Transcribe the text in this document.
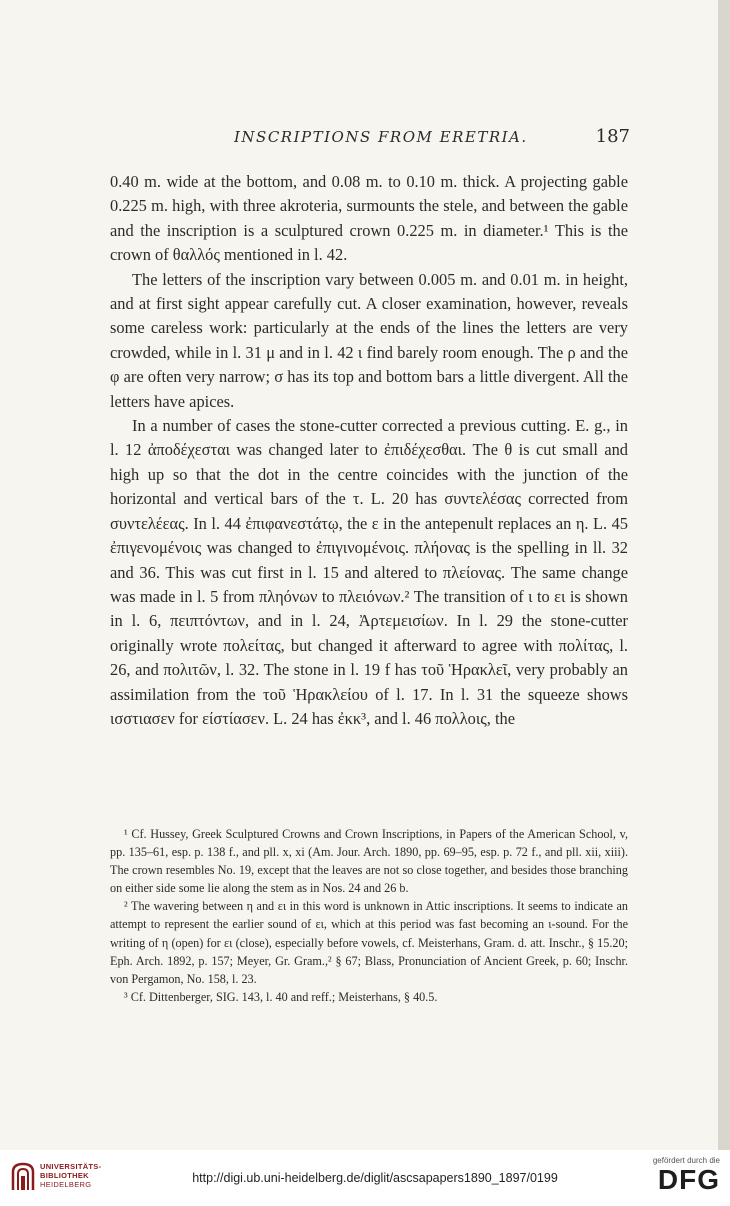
INSCRIPTIONS FROM ERETRIA.	187

0.40 m. wide at the bottom, and 0.08 m. to 0.10 m. thick. A projecting gable 0.225 m. high, with three akroteria, surmounts the stele, and between the gable and the inscription is a sculptured crown 0.225 m. in diameter.¹ This is the crown of θαλλός mentioned in l. 42.

The letters of the inscription vary between 0.005 m. and 0.01 m. in height, and at first sight appear carefully cut. A closer examination, however, reveals some careless work: particularly at the ends of the lines the letters are very crowded, while in l. 31 μ and in l. 42 ι find barely room enough. The ρ and the φ are often very narrow; σ has its top and bottom bars a little divergent. All the letters have apices.

In a number of cases the stone-cutter corrected a previous cutting. E. g., in l. 12 ἀποδέχεσται was changed later to ἐπιδέχεσθαι. The θ is cut small and high up so that the dot in the centre coincides with the junction of the horizontal and vertical bars of the τ. L. 20 has συντελέσας corrected from συντελέεας. In l. 44 ἐπιφανεστάτῳ, the ε in the antepenult replaces an η. L. 45 ἐπιγενομένοις was changed to ἐπιγινομένοις. πλήονας is the spelling in ll. 32 and 36. This was cut first in l. 15 and altered to πλείονας. The same change was made in l. 5 from πληόνων to πλειόνων.² The transition of ι to ει is shown in l. 6, πειπτόντων, and in l. 24, Ἀρτεμεισίων. In l. 29 the stone-cutter originally wrote πολείτας, but changed it afterward to agree with πολίτας, l. 26, and πολιτῶν, l. 32. The stone in l. 19 f has τοῦ Ἡρακλεῖ, very probably an assimilation from the τοῦ Ἡρακλείου of l. 17. In l. 31 the squeeze shows ισστιασεν for είστίασεν. L. 24 has ἐκκ³, and l. 46 πολλοις, the

¹ Cf. Hussey, Greek Sculptured Crowns and Crown Inscriptions, in Papers of the American School, v, pp. 135–61, esp. p. 138 f., and pll. x, xi (Am. Jour. Arch. 1890, pp. 69–95, esp. p. 72 f., and pll. xii, xiii). The crown resembles No. 19, except that the leaves are not so close together, and besides those branching on either side some lie along the stem as in Nos. 24 and 26 b.

² The wavering between η and ει in this word is unknown in Attic inscriptions. It seems to indicate an attempt to represent the earlier sound of ει, which at this period was fast becoming an ι-sound. For the writing of η (open) for ει (close), especially before vowels, cf. Meisterhans, Gram. d. att. Inschr., § 15.20; Eph. Arch. 1892, p. 157; Meyer, Gr. Gram.,² § 67; Blass, Pronunciation of Ancient Greek, p. 60; Inschr. von Pergamon, No. 158, l. 23.

³ Cf. Dittenberger, SIG. 143, l. 40 and reff.; Meisterhans, § 40.5.

UNIVERSITÄTS-
BIBLIOTHEK
HEIDELBERG	http://digi.ub.uni-heidelberg.de/diglit/ascsapapers1890_1897/0199
gefördert durch die
DFG
